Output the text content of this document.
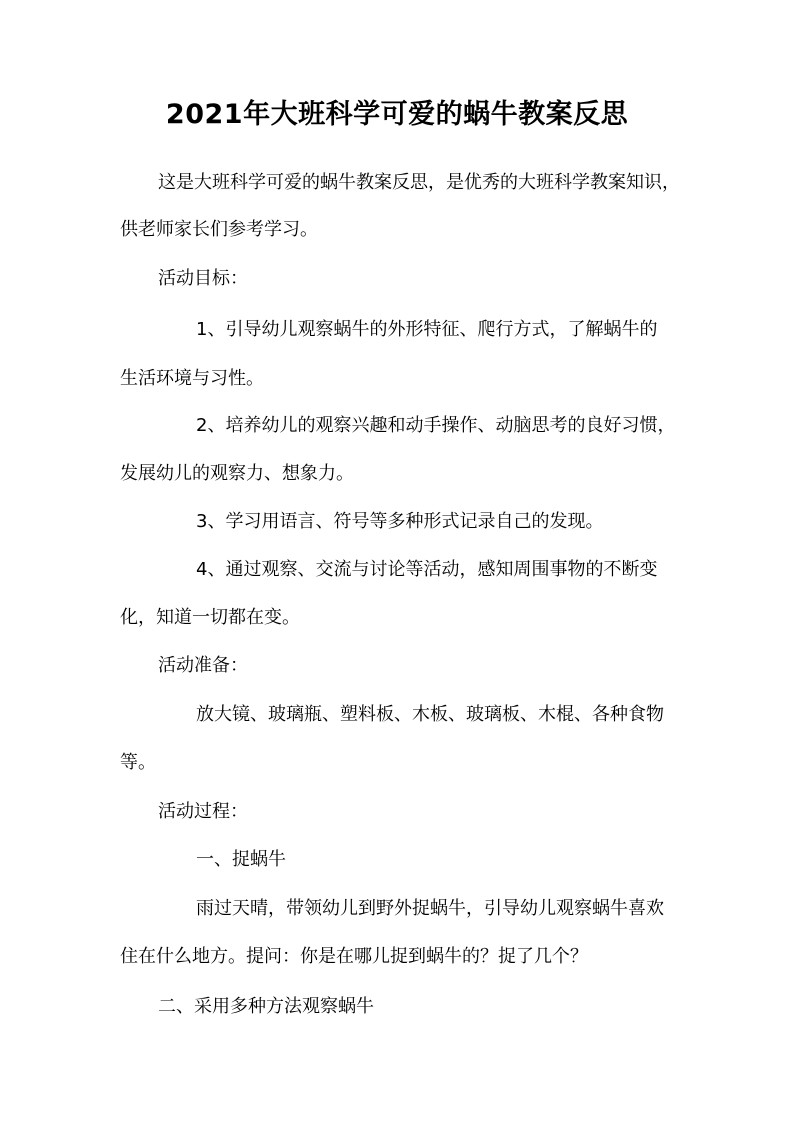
2021年大班科学可爱的蜗牛教案反思
这是大班科学可爱的蜗牛教案反思，是优秀的大班科学教案知识，
供老师家长们参考学习。
活动目标：
1、引导幼儿观察蜗牛的外形特征、爬行方式，了解蜗牛的
生活环境与习性。
2、培养幼儿的观察兴趣和动手操作、动脑思考的良好习惯，
发展幼儿的观察力、想象力。
3、学习用语言、符号等多种形式记录自己的发现。
4、通过观察、交流与讨论等活动，感知周围事物的不断变
化，知道一切都在变。
活动准备：
放大镜、玻璃瓶、塑料板、木板、玻璃板、木棍、各种食物
等。
活动过程：
一、捉蜗牛
雨过天晴，带领幼儿到野外捉蜗牛，引导幼儿观察蜗牛喜欢
住在什么地方。提问：你是在哪儿捉到蜗牛的？捉了几个？
二、采用多种方法观察蜗牛
